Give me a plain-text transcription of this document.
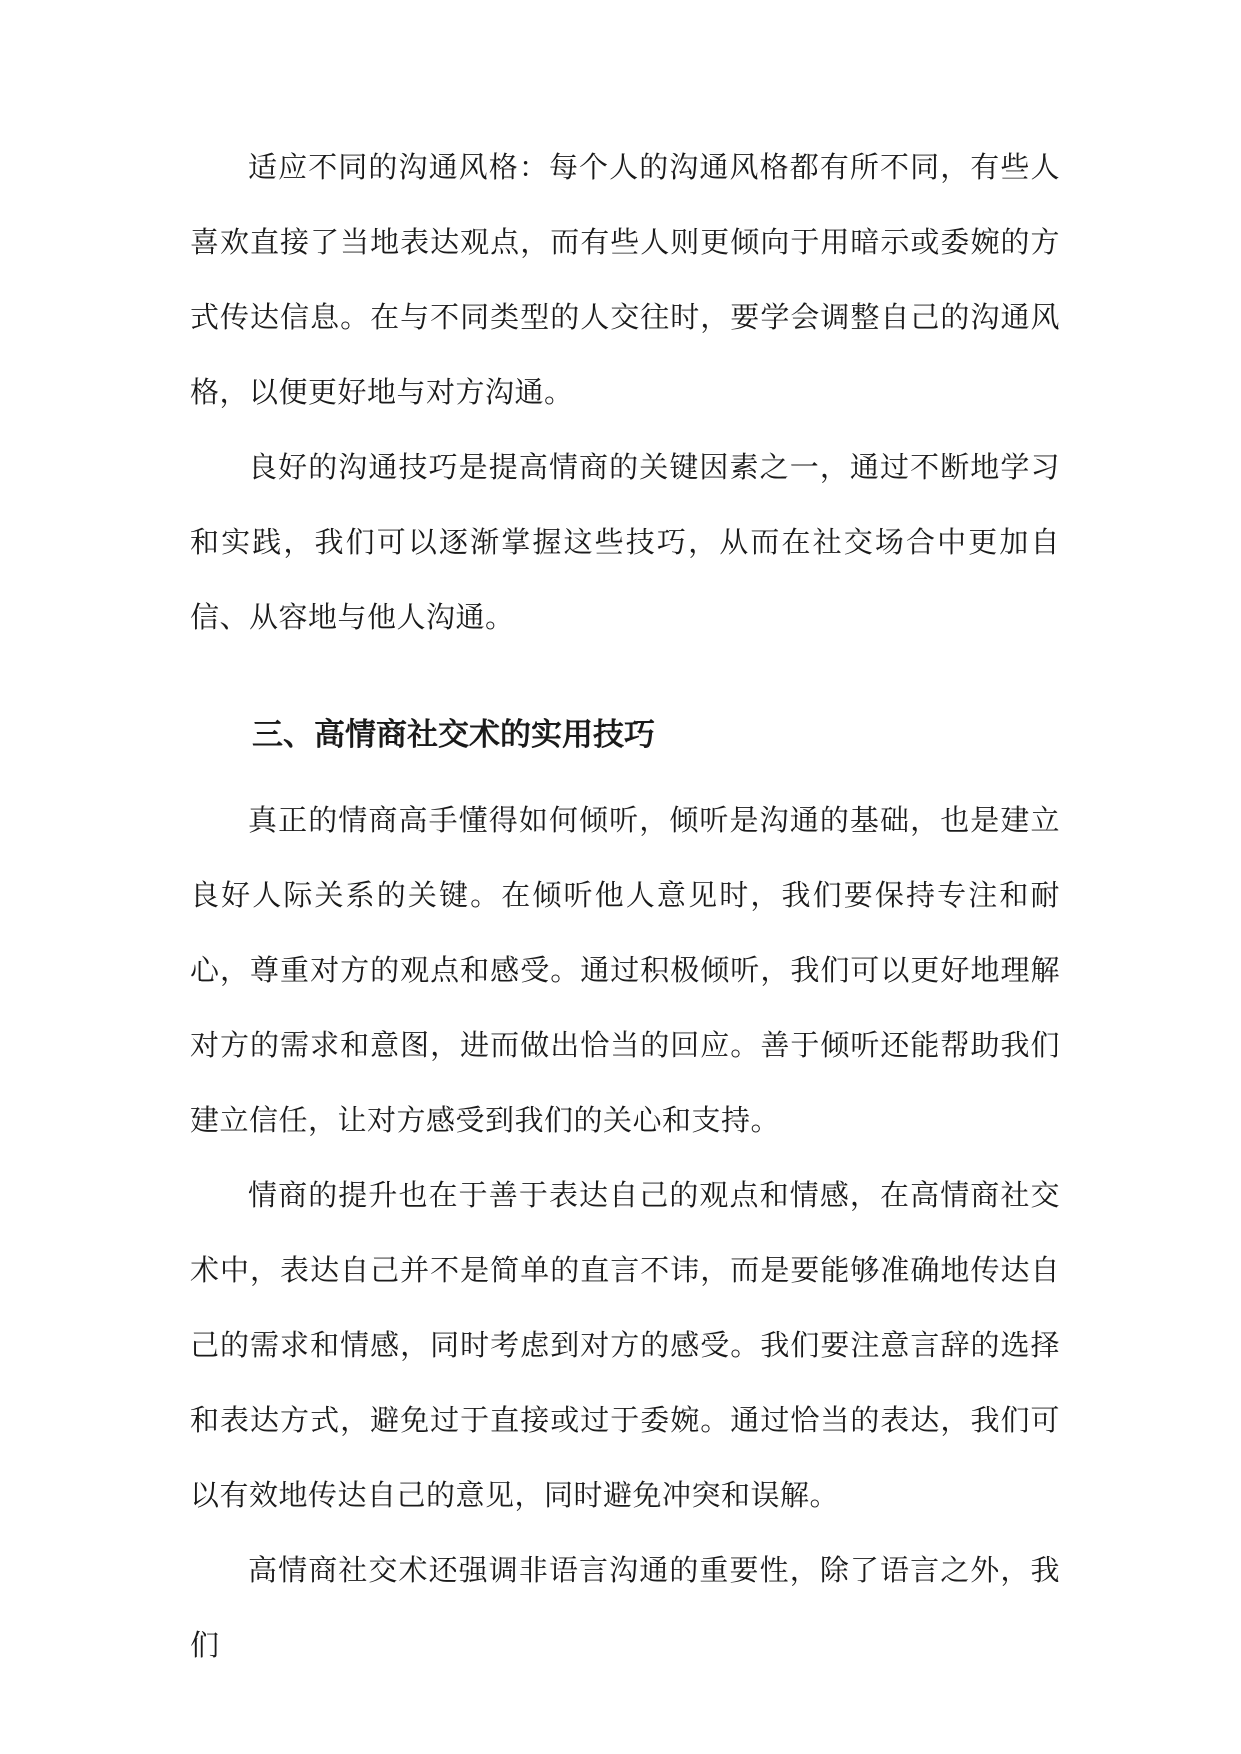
适应不同的沟通风格：每个人的沟通风格都有所不同，有些人喜欢直接了当地表达观点，而有些人则更倾向于用暗示或委婉的方式传达信息。在与不同类型的人交往时，要学会调整自己的沟通风格，以便更好地与对方沟通。

良好的沟通技巧是提高情商的关键因素之一，通过不断地学习和实践，我们可以逐渐掌握这些技巧，从而在社交场合中更加自信、从容地与他人沟通。

三、高情商社交术的实用技巧

真正的情商高手懂得如何倾听，倾听是沟通的基础，也是建立良好人际关系的关键。在倾听他人意见时，我们要保持专注和耐心，尊重对方的观点和感受。通过积极倾听，我们可以更好地理解对方的需求和意图，进而做出恰当的回应。善于倾听还能帮助我们建立信任，让对方感受到我们的关心和支持。

情商的提升也在于善于表达自己的观点和情感，在高情商社交术中，表达自己并不是简单的直言不讳，而是要能够准确地传达自己的需求和情感，同时考虑到对方的感受。我们要注意言辞的选择和表达方式，避免过于直接或过于委婉。通过恰当的表达，我们可以有效地传达自己的意见，同时避免冲突和误解。

高情商社交术还强调非语言沟通的重要性，除了语言之外，我们
